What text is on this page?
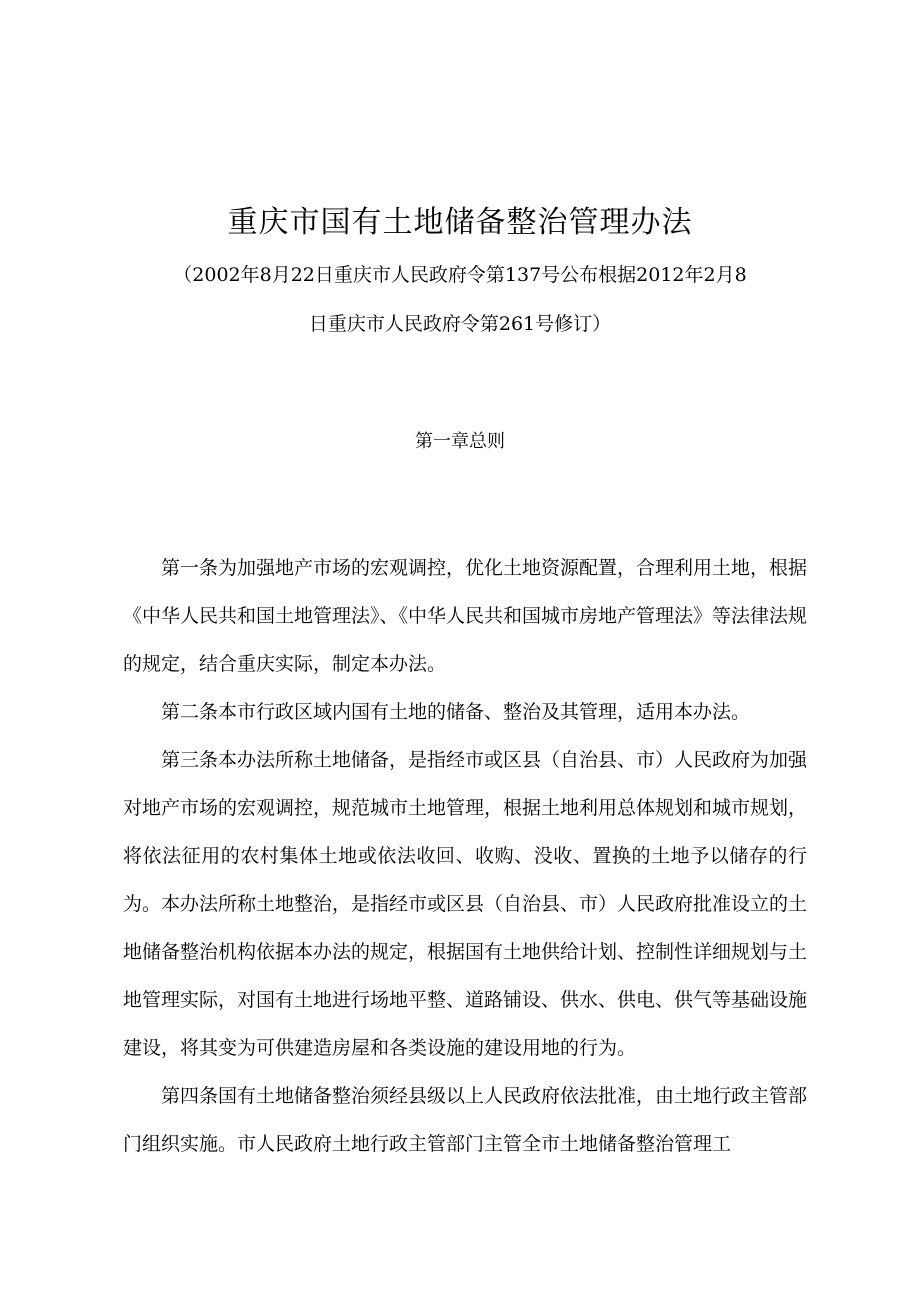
重庆市国有土地储备整治管理办法
（2002年8月22日重庆市人民政府令第137号公布根据2012年2月8
日重庆市人民政府令第261号修订）
第一章总则

第一条为加强地产市场的宏观调控，优化土地资源配置，合理利用土地，根据《中华人民共和国土地管理法》、《中华人民共和国城市房地产管理法》等法律法规的规定，结合重庆实际，制定本办法。

第二条本市行政区域内国有土地的储备、整治及其管理，适用本办法。

第三条本办法所称土地储备，是指经市或区县（自治县、市）人民政府为加强对地产市场的宏观调控，规范城市土地管理，根据土地利用总体规划和城市规划，将依法征用的农村集体土地或依法收回、收购、没收、置换的土地予以储存的行为。本办法所称土地整治，是指经市或区县（自治县、市）人民政府批准设立的土地储备整治机构依据本办法的规定，根据国有土地供给计划、控制性详细规划与土地管理实际，对国有土地进行场地平整、道路铺设、供水、供电、供气等基础设施建设，将其变为可供建造房屋和各类设施的建设用地的行为。

第四条国有土地储备整治须经县级以上人民政府依法批准，由土地行政主管部门组织实施。市人民政府土地行政主管部门主管全市土地储备整治管理工
